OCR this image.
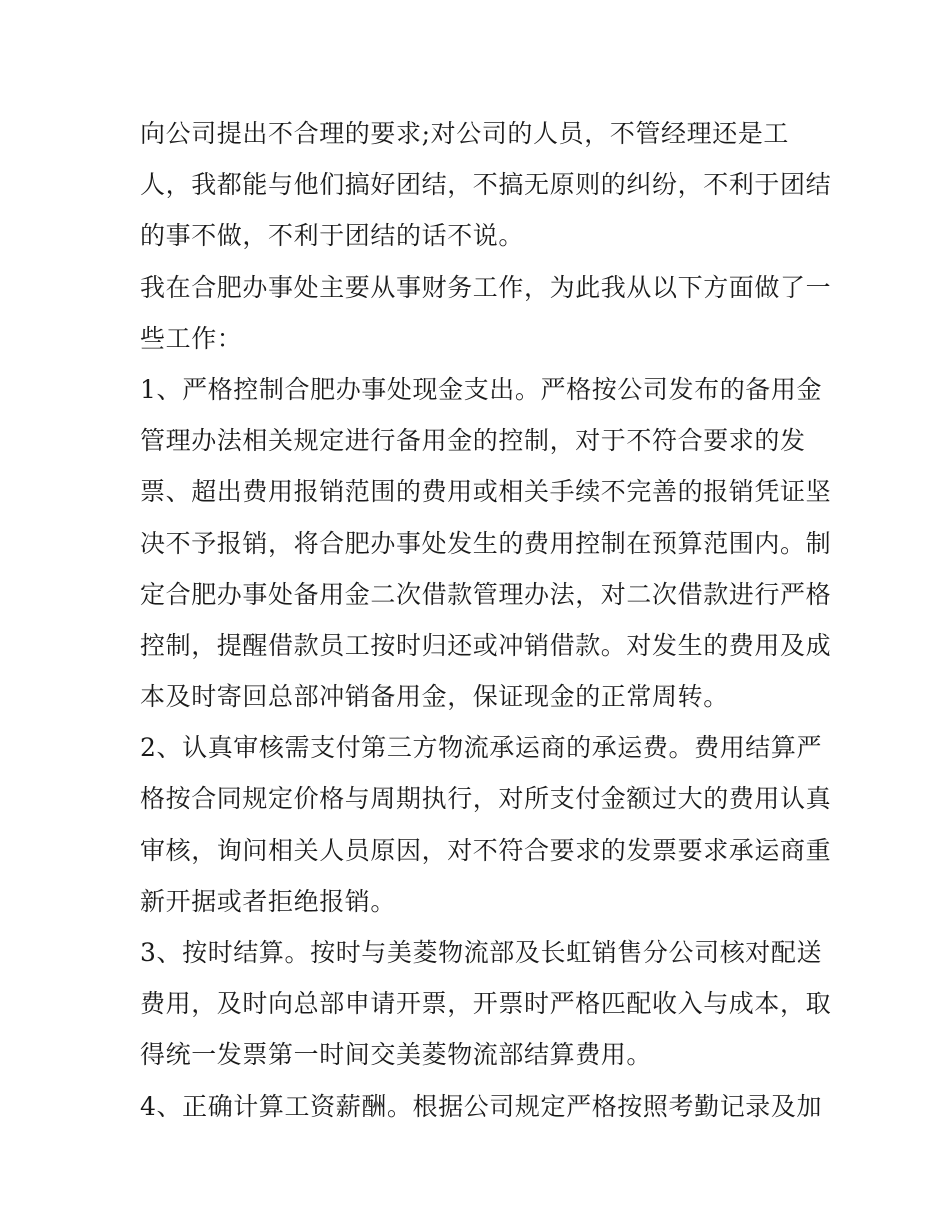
向公司提出不合理的要求;对公司的人员，不管经理还是工
人，我都能与他们搞好团结，不搞无原则的纠纷，不利于团结
的事不做，不利于团结的话不说。
我在合肥办事处主要从事财务工作，为此我从以下方面做了一
些工作：
1、严格控制合肥办事处现金支出。严格按公司发布的备用金
管理办法相关规定进行备用金的控制，对于不符合要求的发
票、超出费用报销范围的费用或相关手续不完善的报销凭证坚
决不予报销，将合肥办事处发生的费用控制在预算范围内。制
定合肥办事处备用金二次借款管理办法，对二次借款进行严格
控制，提醒借款员工按时归还或冲销借款。对发生的费用及成
本及时寄回总部冲销备用金，保证现金的正常周转。
2、认真审核需支付第三方物流承运商的承运费。费用结算严
格按合同规定价格与周期执行，对所支付金额过大的费用认真
审核，询问相关人员原因，对不符合要求的发票要求承运商重
新开据或者拒绝报销。
3、按时结算。按时与美菱物流部及长虹销售分公司核对配送
费用，及时向总部申请开票，开票时严格匹配收入与成本，取
得统一发票第一时间交美菱物流部结算费用。
4、正确计算工资薪酬。根据公司规定严格按照考勤记录及加
